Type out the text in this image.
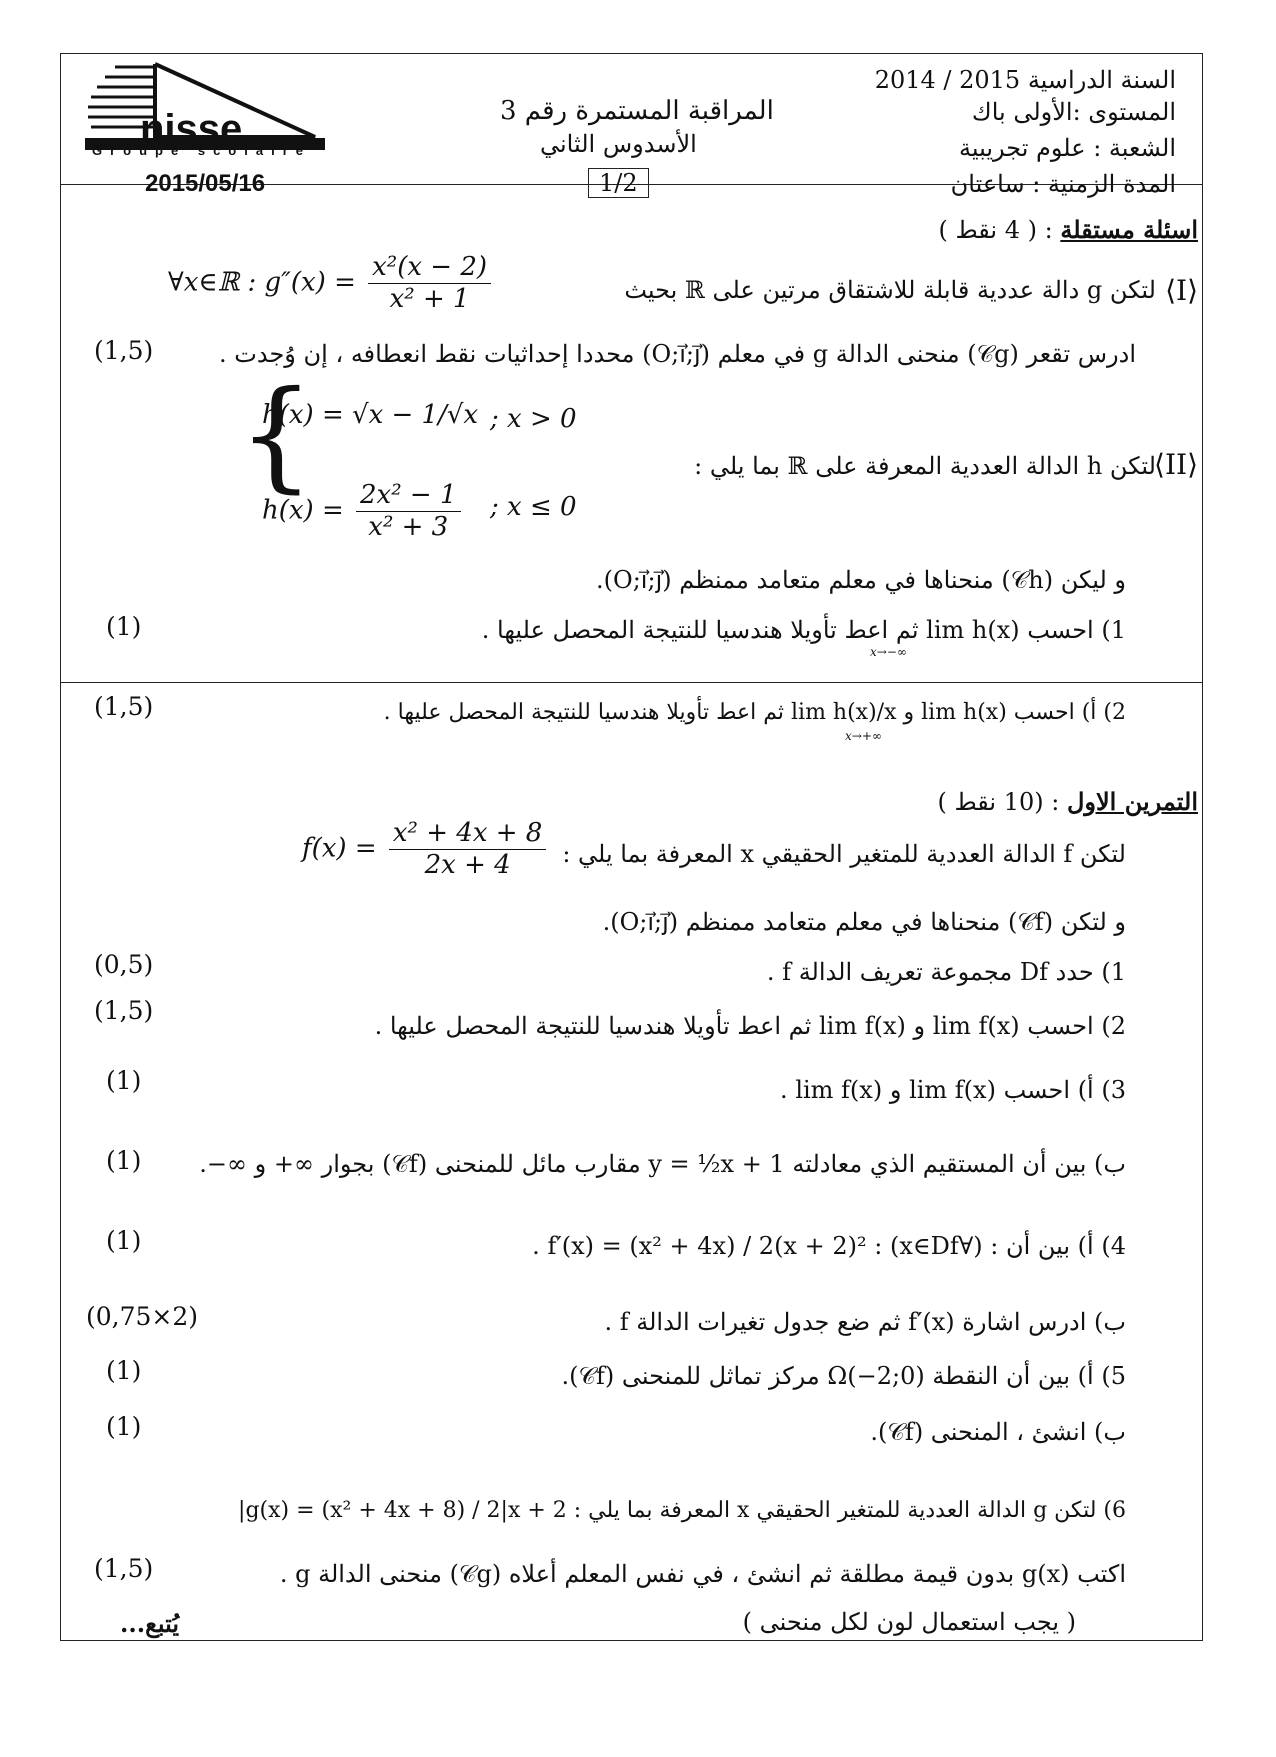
nisse
Groupe scolaire
2015/05/16
السنة الدراسية 2015 / 2014
المستوى :الأولى باك
الشعبة : علوم تجريبية
المدة الزمنية : ساعتان
المراقبة المستمرة رقم 3
الأسدوس الثاني
1/2
اسئلة مستقلة : ( 4 نقط )
⟨I⟩
لتكن g دالة عددية قابلة للاشتقاق مرتين على ℝ بحيث
∀x∈ℝ : $g''(x) = \frac{\text{x²(x − 2)}}{\text{x² + 1}}$
ادرس تقعر (𝒞g) منحنى الدالة g في معلم (O;i⃗;j⃗) محددا إحداثيات نقط انعطافه ، إن وُجدت .
(1,5)
⟨II⟩
لتكن h الدالة العددية المعرفة على ℝ بما يلي :
{
h(x) = √x − 1/√x ; x > 0
$h(x) = \frac{\text{2x² − 1}}{\text{x² + 3}}$ ; x ≤ 0
و ليكن (𝒞h) منحناها في معلم متعامد ممنظم (O;i⃗;j⃗).
1) احسب lim h(x) ثم اعط تأويلا هندسيا للنتيجة المحصل عليها .
x→−∞
(1)
2) أ) احسب lim h(x) و lim h(x)/x ثم اعط تأويلا هندسيا للنتيجة المحصل عليها .
x→+∞
(1,5)
التمرين الاول : (10 نقط )
لتكن f الدالة العددية للمتغير الحقيقي x المعرفة بما يلي :
$f(x) = \frac{\text{x² + 4x + 8}}{2x + 4}$
و لتكن (𝒞f) منحناها في معلم متعامد ممنظم (O;i⃗;j⃗).
1) حدد Df مجموعة تعريف الدالة f .
(0,5)
2) احسب lim f(x) و lim f(x) ثم اعط تأويلا هندسيا للنتيجة المحصل عليها .
(1,5)
3) أ) احسب lim f(x) و lim f(x) .
(1)
ب) بين أن المستقيم الذي معادلته y = ½x + 1 مقارب مائل للمنحنى (𝒞f) بجوار ∞+ و ∞−.
(1)
4) أ) بين أن : (∀x∈Df) : f′(x) = (x² + 4x) / 2(x + 2)² .
(1)
ب) ادرس اشارة f′(x) ثم ضع جدول تغيرات الدالة f .
(0,75×2)
5) أ) بين أن النقطة Ω(−2;0) مركز تماثل للمنحنى (𝒞f).
(1)
ب) انشئ ، المنحنى (𝒞f).
(1)
6) لتكن g الدالة العددية للمتغير الحقيقي x المعرفة بما يلي : g(x) = (x² + 4x + 8) / 2|x + 2|
اكتب g(x) بدون قيمة مطلقة ثم انشئ ، في نفس المعلم أعلاه (𝒞g) منحنى الدالة g .
(1,5)
( يجب استعمال لون لكل منحنى )
يُتبع...
